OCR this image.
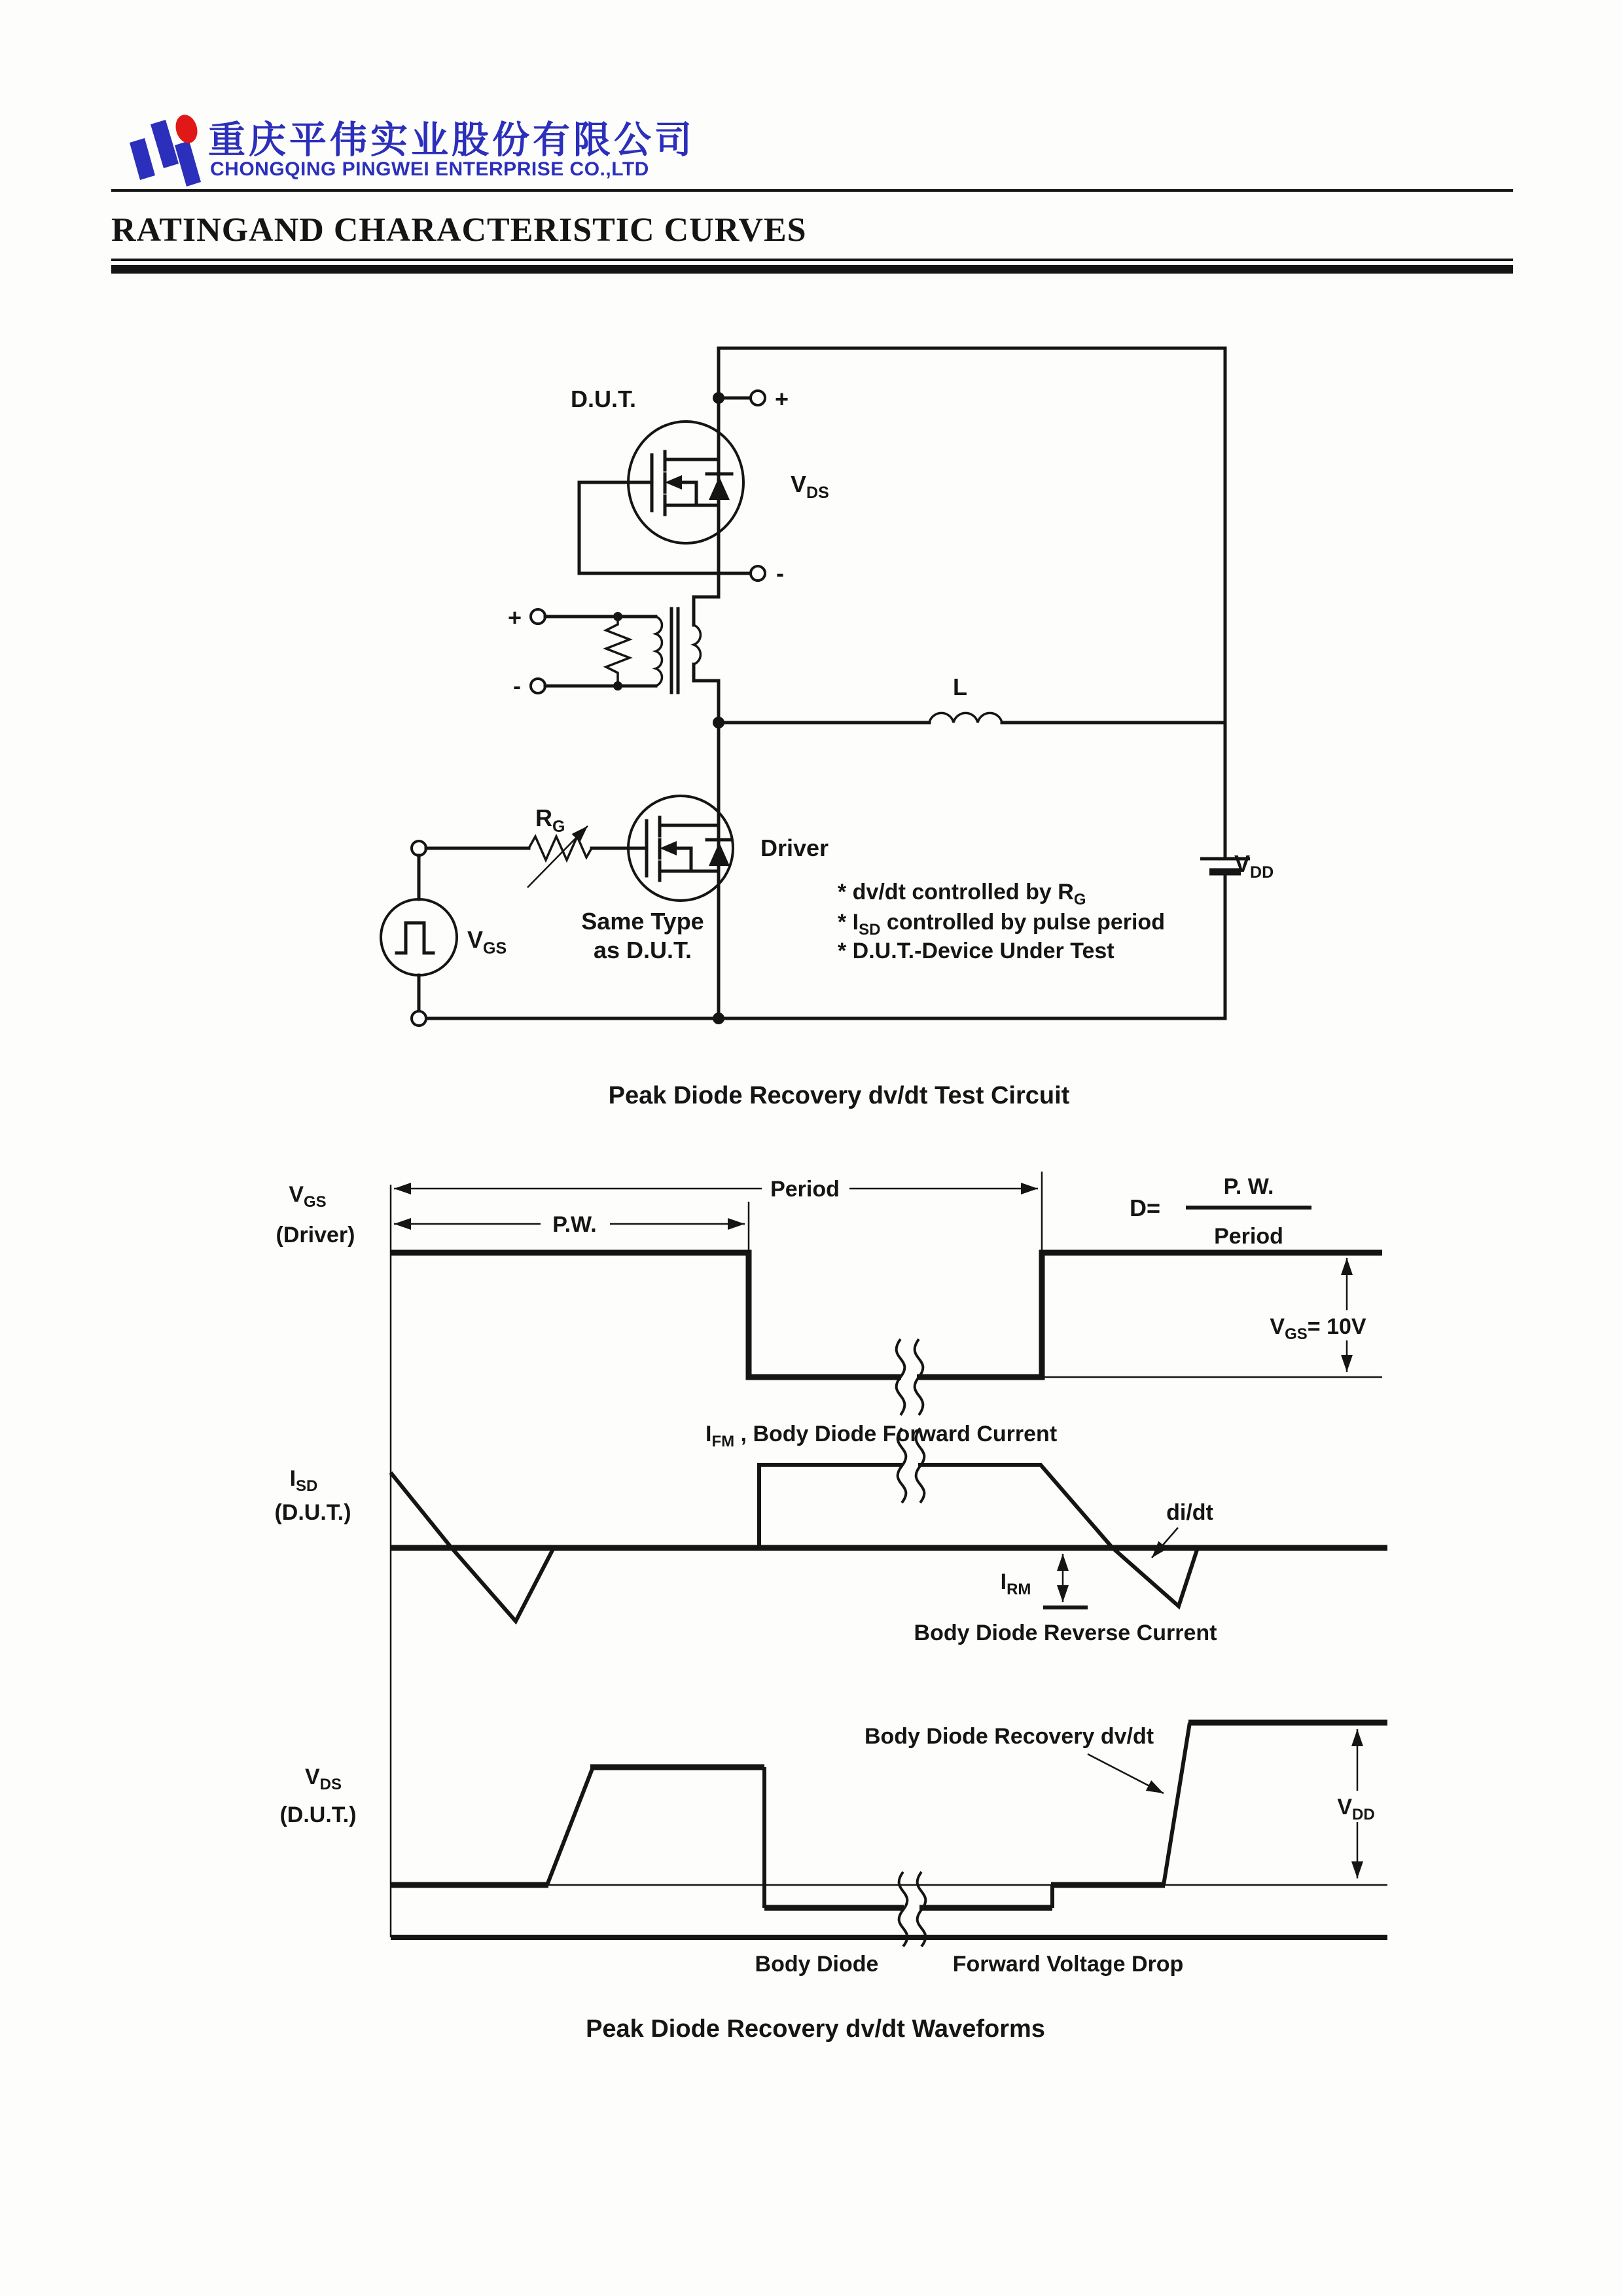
重庆平伟实业股份有限公司
CHONGQING PINGWEI ENTERPRISE CO.,LTD
RATINGAND CHARACTERISTIC CURVES
+
-
D.U.T.
$V_{DS}$
+
-	L
Driver
Same Type
as D.U.T.
$R_G$
$V_{GS}$
$V_{DD}$
* dv/dt controlled by $R_G$
* $I_{SD}$ controlled by pulse period
* D.U.T.-Device Under Test
Peak Diode Recovery dv/dt Test Circuit
$V_{GS}$
(Driver)
Period
P.W.
D=
P. W.
Period
$V_{GS}= 10V$
$I_{SD}$
(D.U.T.)
$I_{FM}$ , Body Diode Forward Current
di/dt
$I_{RM}$
Body Diode Reverse Current
$V_{DS}$
(D.U.T.)
Body Diode Recovery dv/dt
$V_{DD}$
Body Diode	Forward Voltage Drop
Peak Diode Recovery dv/dt Waveforms
